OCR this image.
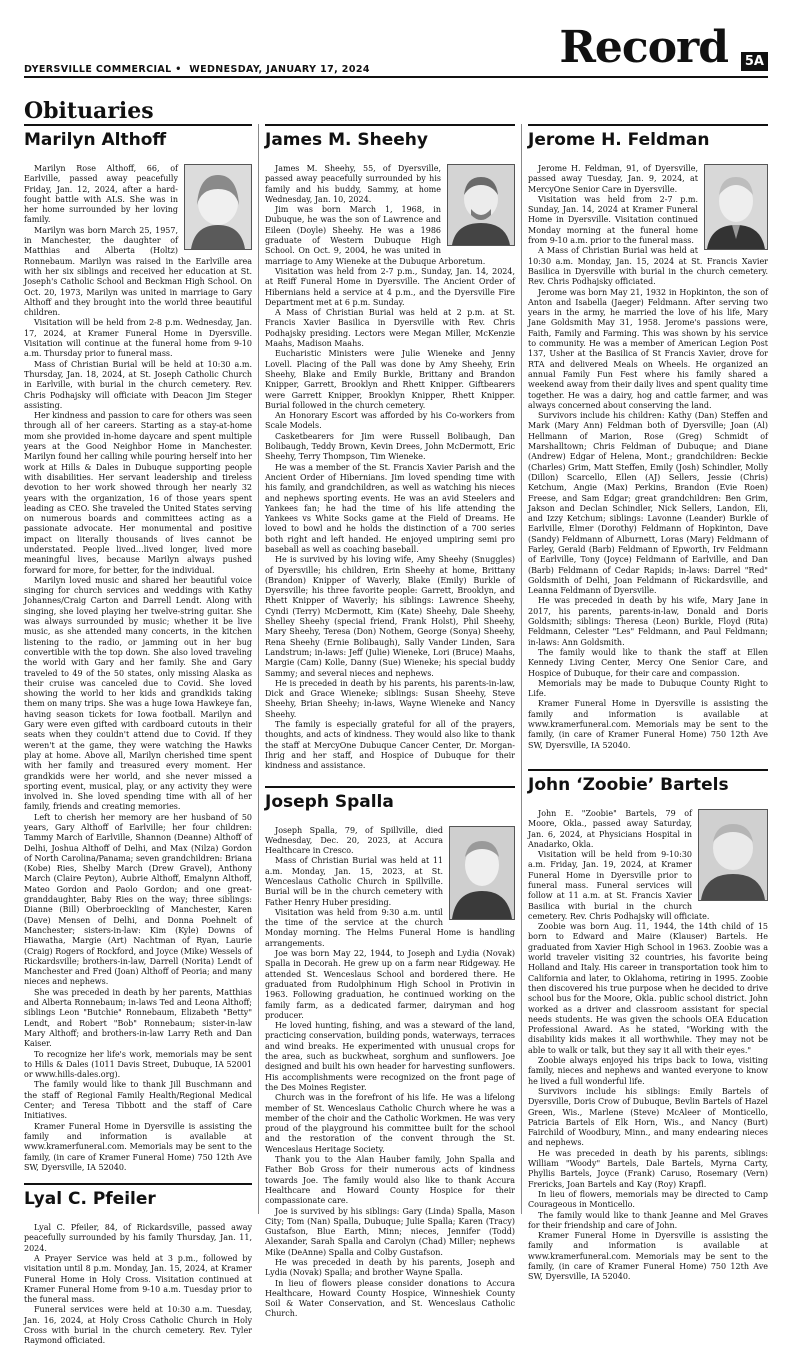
DYERSVILLE COMMERCIAL • WEDNESDAY, JANUARY 17, 2024	Record	5A
Obituaries
Marilyn Althoff

Marilyn Rose Althoff, 66, of Earlville, passed away peacefully Friday, Jan. 12, 2024, after a hard-fought battle with ALS. She was in her home surrounded by her loving family.

Marilyn was born March 25, 1957, in Manchester, the daughter of Matthias and Alberta (Holtz) Ronnebaum. Marilyn was raised in the Earlville area with her six siblings and received her education at St. Joseph's Catholic School and Beckman High School. On Oct. 20, 1973, Marilyn was united in marriage to Gary Althoff and they brought into the world three beautiful children.

Visitation will be held from 2-8 p.m. Wednesday, Jan. 17, 2024, at Kramer Funeral Home in Dyersville. Visitation will continue at the funeral home from 9-10 a.m. Thursday prior to funeral mass.

Mass of Christian Burial will be held at 10:30 a.m. Thursday, Jan. 18, 2024, at St. Joseph Catholic Church in Earlville, with burial in the church cemetery. Rev. Chris Podhajsky will officiate with Deacon Jim Steger assisting.

Her kindness and passion to care for others was seen through all of her careers. Starting as a stay-at-home mom she provided in-home daycare and spent multiple years at the Good Neighbor Home in Manchester. Marilyn found her calling while pouring herself into her work at Hills & Dales in Dubuque supporting people with disabilities. Her servant leadership and tireless devotion to her work showed through her nearly 32 years with the organization, 16 of those years spent leading as CEO. She traveled the United States serving on numerous boards and committees acting as a passionate advocate. Her monumental and positive impact on literally thousands of lives cannot be understated. People lived…lived longer, lived more meaningful lives, because Marilyn always pushed forward for more, for better, for the individual.

Marilyn loved music and shared her beautiful voice singing for church services and weddings with Kathy Johannes/Craig Carton and Darrell Lendt. Along with singing, she loved playing her twelve-string guitar. She was always surrounded by music; whether it be live music, as she attended many concerts, in the kitchen listening to the radio, or jamming out in her bug convertible with the top down. She also loved traveling the world with Gary and her family. She and Gary traveled to 49 of the 50 states, only missing Alaska as their cruise was canceled due to Covid. She loved showing the world to her kids and grandkids taking them on many trips. She was a huge Iowa Hawkeye fan, having season tickets for Iowa football. Marilyn and Gary were even gifted with cardboard cutouts in their seats when they couldn't attend due to Covid. If they weren't at the game, they were watching the Hawks play at home. Above all, Marilyn cherished time spent with her family and treasured every moment. Her grandkids were her world, and she never missed a sporting event, musical, play, or any activity they were involved in. She loved spending time with all of her family, friends and creating memories.

Left to cherish her memory are her husband of 50 years, Gary Althoff of Earlville; her four children: Tammy March of Earlville, Shannon (Deanne) Althoff of Delhi, Joshua Althoff of Delhi, and Max (Nilza) Gordon of North Carolina/Panama; seven grandchildren: Briana (Kobe) Ries, Shelby March (Drew Gravel), Anthony March (Claire Peyton), Aubrie Althoff, Emalynn Althoff, Mateo Gordon and Paolo Gordon; and one great-granddaughter, Baby Ries on the way; three siblings: Dianne (Bill) Oberbroeckling of Manchester, Karen (Dave) Mensen of Delhi, and Donna Poehnelt of Manchester; sisters-in-law: Kim (Kyle) Downs of Hiawatha, Margie (Art) Nachtman of Ryan, Laurie (Craig) Rogers of Rockford, and Joyce (Mike) Wessels of Rickardsville; brothers-in-law, Darrell (Norita) Lendt of Manchester and Fred (Joan) Althoff of Peoria; and many nieces and nephews.

She was preceded in death by her parents, Matthias and Alberta Ronnebaum; in-laws Ted and Leona Althoff; siblings Leon "Butchie" Ronnebaum, Elizabeth "Betty" Lendt, and Robert "Bob" Ronnebaum; sister-in-law Mary Althoff; and brothers-in-law Larry Reth and Dan Kaiser.

To recognize her life's work, memorials may be sent to Hills & Dales (1011 Davis Street, Dubuque, IA 52001 or www.hills-dales.org).

The family would like to thank Jill Buschmann and the staff of Regional Family Health/Regional Medical Center; and Teresa Tibbott and the staff of Care Initiatives.

Kramer Funeral Home in Dyersville is assisting the family and information is available at www.kramerfuneral.com. Memorials may be sent to the family, (in care of Kramer Funeral Home) 750 12th Ave SW, Dyersville, IA 52040.

Lyal C. Pfeiler

Lyal C. Pfeiler, 84, of Rickardsville, passed away peacefully surrounded by his family Thursday, Jan. 11, 2024.

A Prayer Service was held at 3 p.m., followed by visitation until 8 p.m. Monday, Jan. 15, 2024, at Kramer Funeral Home in Holy Cross. Visitation continued at Kramer Funeral Home from 9-10 a.m. Tuesday prior to the funeral mass.

Funeral services were held at 10:30 a.m. Tuesday, Jan. 16, 2024, at Holy Cross Catholic Church in Holy Cross with burial in the church cemetery. Rev. Tyler Raymond officiated.

James M. Sheehy

James M. Sheehy, 55, of Dyersville, passed away peacefully surrounded by his family and his buddy, Sammy, at home Wednesday, Jan. 10, 2024.

Jim was born March 1, 1968, in Dubuque, he was the son of Lawrence and Eileen (Doyle) Sheehy. He was a 1986 graduate of Western Dubuque High School. On Oct. 9, 2004, he was united in marriage to Amy Wieneke at the Dubuque Arboretum.

Visitation was held from 2-7 p.m., Sunday, Jan. 14, 2024, at Reiff Funeral Home in Dyersville. The Ancient Order of Hibernians held a service at 4 p.m., and the Dyersville Fire Department met at 6 p.m. Sunday.

A Mass of Christian Burial was held at 2 p.m. at St. Francis Xavier Basilica in Dyersville with Rev. Chris Podhajsky presiding. Lectors were Megan Miller, McKenzie Maahs, Madison Maahs.

Eucharistic Ministers were Julie Wieneke and Jenny Lovell. Placing of the Pall was done by Amy Sheehy, Erin Sheehy, Blake and Emily Burkle, Brittany and Brandon Knipper, Garrett, Brooklyn and Rhett Knipper. Giftbearers were Garrett Knipper, Brooklyn Knipper, Rhett Knipper. Burial followed in the church cemetery.

An Honorary Escort was afforded by his Co-workers from Scale Models.

Casketbearers for Jim were Russell Bolibaugh, Dan Bolibaugh, Teddy Brown, Kevin Drees, John McDermott, Eric Sheehy, Terry Thompson, Tim Wieneke.

He was a member of the St. Francis Xavier Parish and the Ancient Order of Hibernians. Jim loved spending time with his family, and grandchildren, as well as watching his nieces and nephews sporting events. He was an avid Steelers and Yankees fan; he had the time of his life attending the Yankees vs White Socks game at the Field of Dreams. He loved to bowl and he holds the distinction of a 700 series both right and left handed. He enjoyed umpiring semi pro baseball as well as coaching baseball.

He is survived by his loving wife, Amy Sheehy (Snuggles) of Dyersville; his children, Erin Sheehy at home, Brittany (Brandon) Knipper of Waverly, Blake (Emily) Burkle of Dyersville; his three favorite people: Garrett, Brooklyn, and Rhett Knipper of Waverly; his siblings: Lawrence Sheehy, Cyndi (Terry) McDermott, Kim (Kate) Sheehy, Dale Sheehy, Shelley Sheehy (special friend, Frank Holst), Phil Sheehy, Mary Sheehy, Teresa (Don) Nothem, George (Sonya) Sheehy, Rena Sheehy (Ernie Bolibaugh), Sally Vander Linden, Sara Landstrum; in-laws: Jeff (Julie) Wieneke, Lori (Bruce) Maahs, Margie (Cam) Kolle, Danny (Sue) Wieneke; his special buddy Sammy; and several nieces and nephews.

He is preceded in death by his parents, his parents-in-law, Dick and Grace Wieneke; siblings: Susan Sheehy, Steve Sheehy, Brian Sheehy; in-laws, Wayne Wieneke and Nancy Sheehy.

The family is especially grateful for all of the prayers, thoughts, and acts of kindness. They would also like to thank the staff at MercyOne Dubuque Cancer Center, Dr. Morgan-Ihrig and her staff, and Hospice of Dubuque for their kindness and assistance.

Joseph Spalla

Joseph Spalla, 79, of Spillville, died Wednesday, Dec. 20, 2023, at Accura Healthcare in Cresco.

Mass of Christian Burial was held at 11 a.m. Monday, Jan. 15, 2023, at St. Wenceslaus Catholic Church in Spillville. Burial will be in the church cemetery with Father Henry Huber presiding.

Visitation was held from 9:30 a.m. until the time of the service at the church Monday morning. The Helms Funeral Home is handling arrangements.

Joe was born May 22, 1944, to Joseph and Lydia (Novak) Spalla in Decorah. He grew up on a farm near Ridgeway. He attended St. Wenceslaus School and bordered there. He graduated from Rudolphinum High School in Protivin in 1963. Following graduation, he continued working on the family farm, as a dedicated farmer, dairyman and hog producer.

He loved hunting, fishing, and was a steward of the land, practicing conservation, building ponds, waterways, terraces and wind breaks. He experimented with unusual crops for the area, such as buckwheat, sorghum and sunflowers. Joe designed and built his own header for harvesting sunflowers. His accomplishments were recognized on the front page of the Des Moines Register.

Church was in the forefront of his life. He was a lifelong member of St. Wenceslaus Catholic Church where he was a member of the choir and the Catholic Workmen. He was very proud of the playground his committee built for the school and the restoration of the convent through the St. Wenceslaus Heritage Society.

Thank you to the Alan Hauber family, John Spalla and Father Bob Gross for their numerous acts of kindness towards Joe. The family would also like to thank Accura Healthcare and Howard County Hospice for their compassionate care.

Joe is survived by his siblings: Gary (Linda) Spalla, Mason City; Tom (Nan) Spalla, Dubuque; Julie Spalla; Karen (Tracy) Gustafson, Blue Earth, Minn; nieces, Jennifer (Todd) Alexander, Sarah Spalla and Carolyn (Chad) Miller; nephews Mike (DeAnne) Spalla and Colby Gustafson.

He was preceded in death by his parents, Joseph and Lydia (Novak) Spalla; and brother Wayne Spalla.

In lieu of flowers please consider donations to Accura Healthcare, Howard County Hospice, Winneshiek County Soil & Water Conservation, and St. Wenceslaus Catholic Church.

Jerome H. Feldman

Jerome H. Feldman, 91, of Dyersville, passed away Tuesday, Jan. 9, 2024, at MercyOne Senior Care in Dyersville.

Visitation was held from 2-7 p.m. Sunday, Jan. 14, 2024 at Kramer Funeral Home in Dyersville. Visitation continued Monday morning at the funeral home from 9-10 a.m. prior to the funeral mass.

A Mass of Christian Burial was held at 10:30 a.m. Monday, Jan. 15, 2024 at St. Francis Xavier Basilica in Dyersville with burial in the church cemetery. Rev. Chris Podhajsky officiated.

Jerome was born May 21, 1932 in Hopkinton, the son of Anton and Isabella (Jaeger) Feldmann. After serving two years in the army, he married the love of his life, Mary Jane Goldsmith May 31, 1958. Jerome's passions were, Faith, Family and Farming. This was shown by his service to community. He was a member of American Legion Post 137, Usher at the Basilica of St Francis Xavier, drove for RTA and delivered Meals on Wheels. He organized an annual Family Fun Fest where his family shared a weekend away from their daily lives and spent quality time together. He was a dairy, hog and cattle farmer, and was always concerned about conserving the land.

Survivors include his children: Kathy (Dan) Steffen and Mark (Mary Ann) Feldman both of Dyersville; Joan (Al) Hellmann of Marion, Rose (Greg) Schmidt of Marshalltown; Chris Feldman of Dubuque; and Diane (Andrew) Edgar of Helena, Mont.; grandchildren: Beckie (Charles) Grim, Matt Steffen, Emily (Josh) Schindler, Molly (Dillon) Scarcello, Ellen (AJ) Sellers, Jessie (Chris) Ketchum, Angie (Max) Perkins, Brandon (Evie Roen) Freese, and Sam Edgar; great grandchildren: Ben Grim, Jakson and Declan Schindler, Nick Sellers, Landon, Eli, and Izzy Ketchum; siblings: Lavonne (Leander) Burkle of Earlville, Elmer (Dorothy) Feldmann of Hopkinton, Dave (Sandy) Feldmann of Alburnett, Loras (Mary) Feldmann of Farley, Gerald (Barb) Feldmann of Epworth, Irv Feldmann of Earlville, Tony (Joyce) Feldmann of Earlville, and Dan (Barb) Feldmann of Cedar Rapids; in-laws: Darrel "Red" Goldsmith of Delhi, Joan Feldmann of Rickardsville, and Leanna Feldmann of Dyersville.

He was preceded in death by his wife, Mary Jane in 2017, his parents, parents-in-law, Donald and Doris Goldsmith; siblings: Theresa (Leon) Burkle, Floyd (Rita) Feldmann, Celester "Les" Feldmann, and Paul Feldmann; in-laws: Ann Goldsmith.

The family would like to thank the staff at Ellen Kennedy Living Center, Mercy One Senior Care, and Hospice of Dubuque, for their care and compassion.

Memorials may be made to Dubuque County Right to Life.

Kramer Funeral Home in Dyersville is assisting the family and information is available at www.kramerfuneral.com. Memorials may be sent to the family, (in care of Kramer Funeral Home) 750 12th Ave SW, Dyersville, IA 52040.

John ‘Zoobie’ Bartels

John E. "Zoobie" Bartels, 79 of Moore, Okla., passed away Saturday, Jan. 6, 2024, at Physicians Hospital in Anadarko, Okla.

Visitation will be held from 9-10:30 a.m. Friday, Jan. 19, 2024, at Kramer Funeral Home in Dyersville prior to funeral mass. Funeral services will follow at 11 a.m. at St. Francis Xavier Basilica with burial in the church cemetery. Rev. Chris Podhajsky will officiate.

Zoobie was born Aug. 11, 1944, the 14th child of 15 born to Edward and Maire (Klauser) Bartels. He graduated from Xavier High School in 1963. Zoobie was a world traveler visiting 32 countries, his favorite being Holland and Italy. His career in transportation took him to California and later, to Oklahoma, retiring in 1995. Zoobie then discovered his true purpose when he decided to drive school bus for the Moore, Okla. public school district. John worked as a driver and classroom assistant for special needs students. He was given the schools OEA Education Professional Award. As he stated, "Working with the disability kids makes it all worthwhile. They may not be able to walk or talk, but they say it all with their eyes."

Zoobie always enjoyed his trips back to Iowa, visiting family, nieces and nephews and wanted everyone to know he lived a full wonderful life.

Survivors include his siblings: Emily Bartels of Dyersville, Doris Crow of Dubuque, Bevlin Bartels of Hazel Green, Wis., Marlene (Steve) McAleer of Monticello, Patricia Bartels of Elk Horn, Wis., and Nancy (Burt) Fairchild of Woodbury, Minn., and many endearing nieces and nephews.

He was preceded in death by his parents, siblings: William "Woody" Bartels, Dale Bartels, Myrna Carty, Phyllis Bartels, Joyce (Frank) Caruso, Rosemary (Vern) Frericks, Joan Bartels and Kay (Roy) Krapfl.

In lieu of flowers, memorials may be directed to Camp Courageous in Monticello.

The family would like to thank Jeanne and Mel Graves for their friendship and care of John.

Kramer Funeral Home in Dyersville is assisting the family and information is available at www.kramerfuneral.com. Memorials may be sent to the family, (in care of Kramer Funeral Home) 750 12th Ave SW, Dyersville, IA 52040.
